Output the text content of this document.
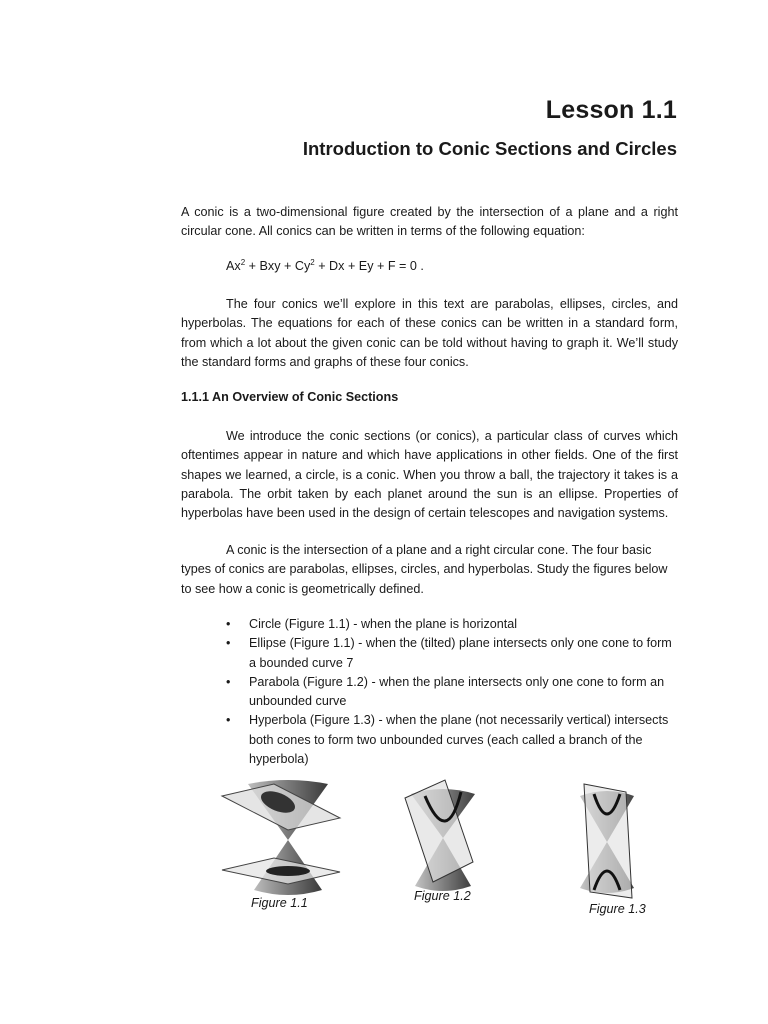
Lesson 1.1
Introduction to Conic Sections and Circles

A conic is a two-dimensional figure created by the intersection of a plane and a right circular cone. All conics can be written in terms of the following equation:

$Ax^2$ + Bxy + $Cy^2 + Dx + Ey + F = 0$ .

The four conics we’ll explore in this text are parabolas, ellipses, circles, and hyperbolas. The equations for each of these conics can be written in a standard form, from which a lot about the given conic can be told without having to graph it. We’ll study the standard forms and graphs of these four conics.

1.1.1 An Overview of Conic Sections

We introduce the conic sections (or conics), a particular class of curves which oftentimes appear in nature and which have applications in other fields. One of the first shapes we learned, a circle, is a conic. When you throw a ball, the trajectory it takes is a parabola. The orbit taken by each planet around the sun is an ellipse. Properties of hyperbolas have been used in the design of certain telescopes and navigation systems.

A conic is the intersection of a plane and a right circular cone. The four basic types of conics are parabolas, ellipses, circles, and hyperbolas. Study the figures below to see how a conic is geometrically defined.

• Circle (Figure 1.1) - when the plane is horizontal
• Ellipse (Figure 1.1) - when the (tilted) plane intersects only one cone to form a bounded curve 7
• Parabola (Figure 1.2) - when the plane intersects only one cone to form an unbounded curve
• Hyperbola (Figure 1.3) - when the plane (not necessarily vertical) intersects both cones to form two unbounded curves (each called a branch of the hyperbola)
Figure 1.1	Figure 1.2
Figure 1.3
